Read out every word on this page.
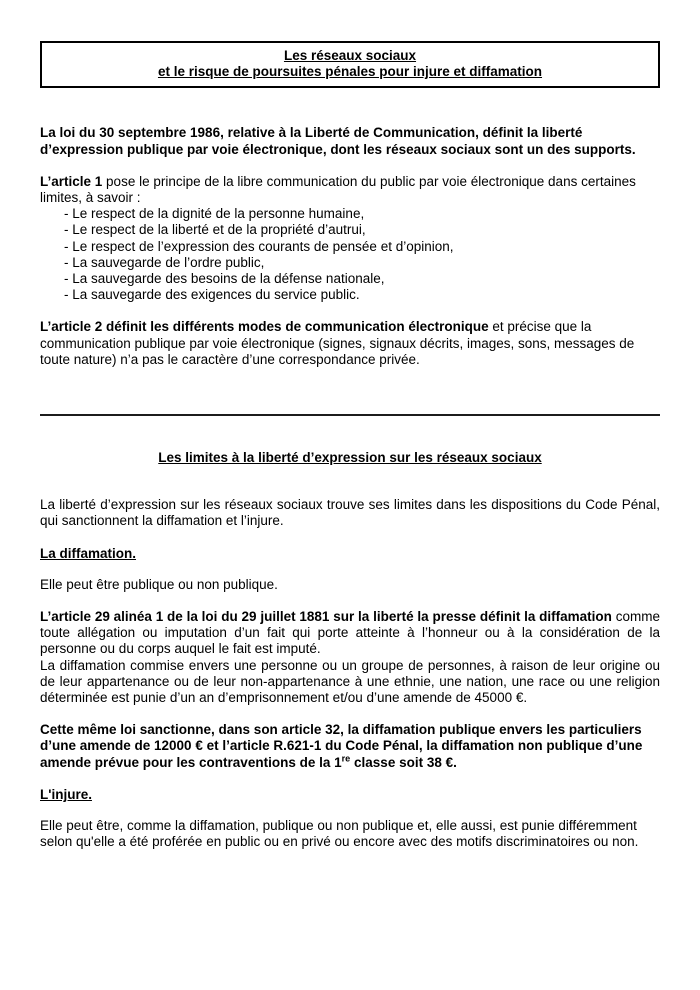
Les réseaux sociaux
et le risque de poursuites pénales pour injure et diffamation

La loi du 30 septembre 1986, relative à la Liberté de Communication, définit la liberté d’expression publique par voie électronique, dont les réseaux sociaux sont un des supports.

L’article 1 pose le principe de la libre communication du public par voie électronique dans certaines limites, à savoir :

- Le respect de la dignité de la personne humaine,
- Le respect de la liberté et de la propriété d’autrui,
- Le respect de l’expression des courants de pensée et d’opinion,
- La sauvegarde de l’ordre public,
- La sauvegarde des besoins de la défense nationale,
- La sauvegarde des exigences du service public.

L’article 2 définit les différents modes de communication électronique et précise que la communication publique par voie électronique (signes, signaux décrits, images, sons, messages de toute nature) n’a pas le caractère d’une correspondance privée.

Les limites à la liberté d’expression sur les réseaux sociaux

La liberté d’expression sur les réseaux sociaux trouve ses limites dans les dispositions du Code Pénal, qui sanctionnent la diffamation et l’injure.

La diffamation.

Elle peut être publique ou non publique.

L’article 29 alinéa 1 de la loi du 29 juillet 1881 sur la liberté la presse définit la diffamation comme toute allégation ou imputation d’un fait qui porte atteinte à l’honneur ou à la considération de la personne ou du corps auquel le fait est imputé.
La diffamation commise envers une personne ou un groupe de personnes, à raison de leur origine ou de leur appartenance ou de leur non-appartenance à une ethnie, une nation, une race ou une religion déterminée est punie d’un an d’emprisonnement et/ou d’une amende de 45000 €.

Cette même loi sanctionne, dans son article 32, la diffamation publique envers les particuliers d’une amende de 12000 € et l’article R.621-1 du Code Pénal, la diffamation non publique d’une amende prévue pour les contraventions de la 1re classe soit 38 €.

L'injure.

Elle peut être, comme la diffamation, publique ou non publique et, elle aussi, est punie différemment selon qu'elle a été proférée en public ou en privé ou encore avec des motifs discriminatoires ou non.
